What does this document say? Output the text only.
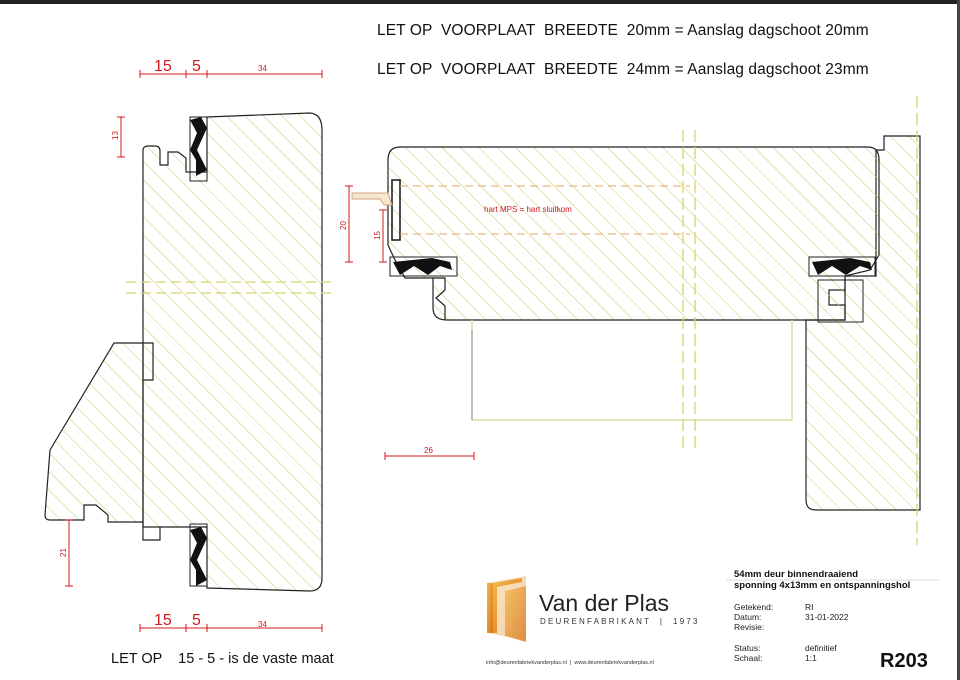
15 5	34
15 5	34
13
21
20
15
26
hart MPS = hart sluitkom
LET OP  VOORPLAAT  BREEDTE  20mm = Aanslag dagschoot 20mm
LET OP  VOORPLAAT  BREEDTE  24mm = Aanslag dagschoot 23mm
LET OP    15 - 5 - is de vaste maat
Van der Plas
DEURENFABRIKANT  |  1973
info@deurenfabriekvanderplas.nl  |  www.deurenfabriekvanderplas.nl
54mm deur binnendraaiend
sponning 4x13mm en ontspanningshol
Getekend:	RI
Datum:	31-01-2022
Revisie:
Status:	definitief
Schaal:	1:1	R203
